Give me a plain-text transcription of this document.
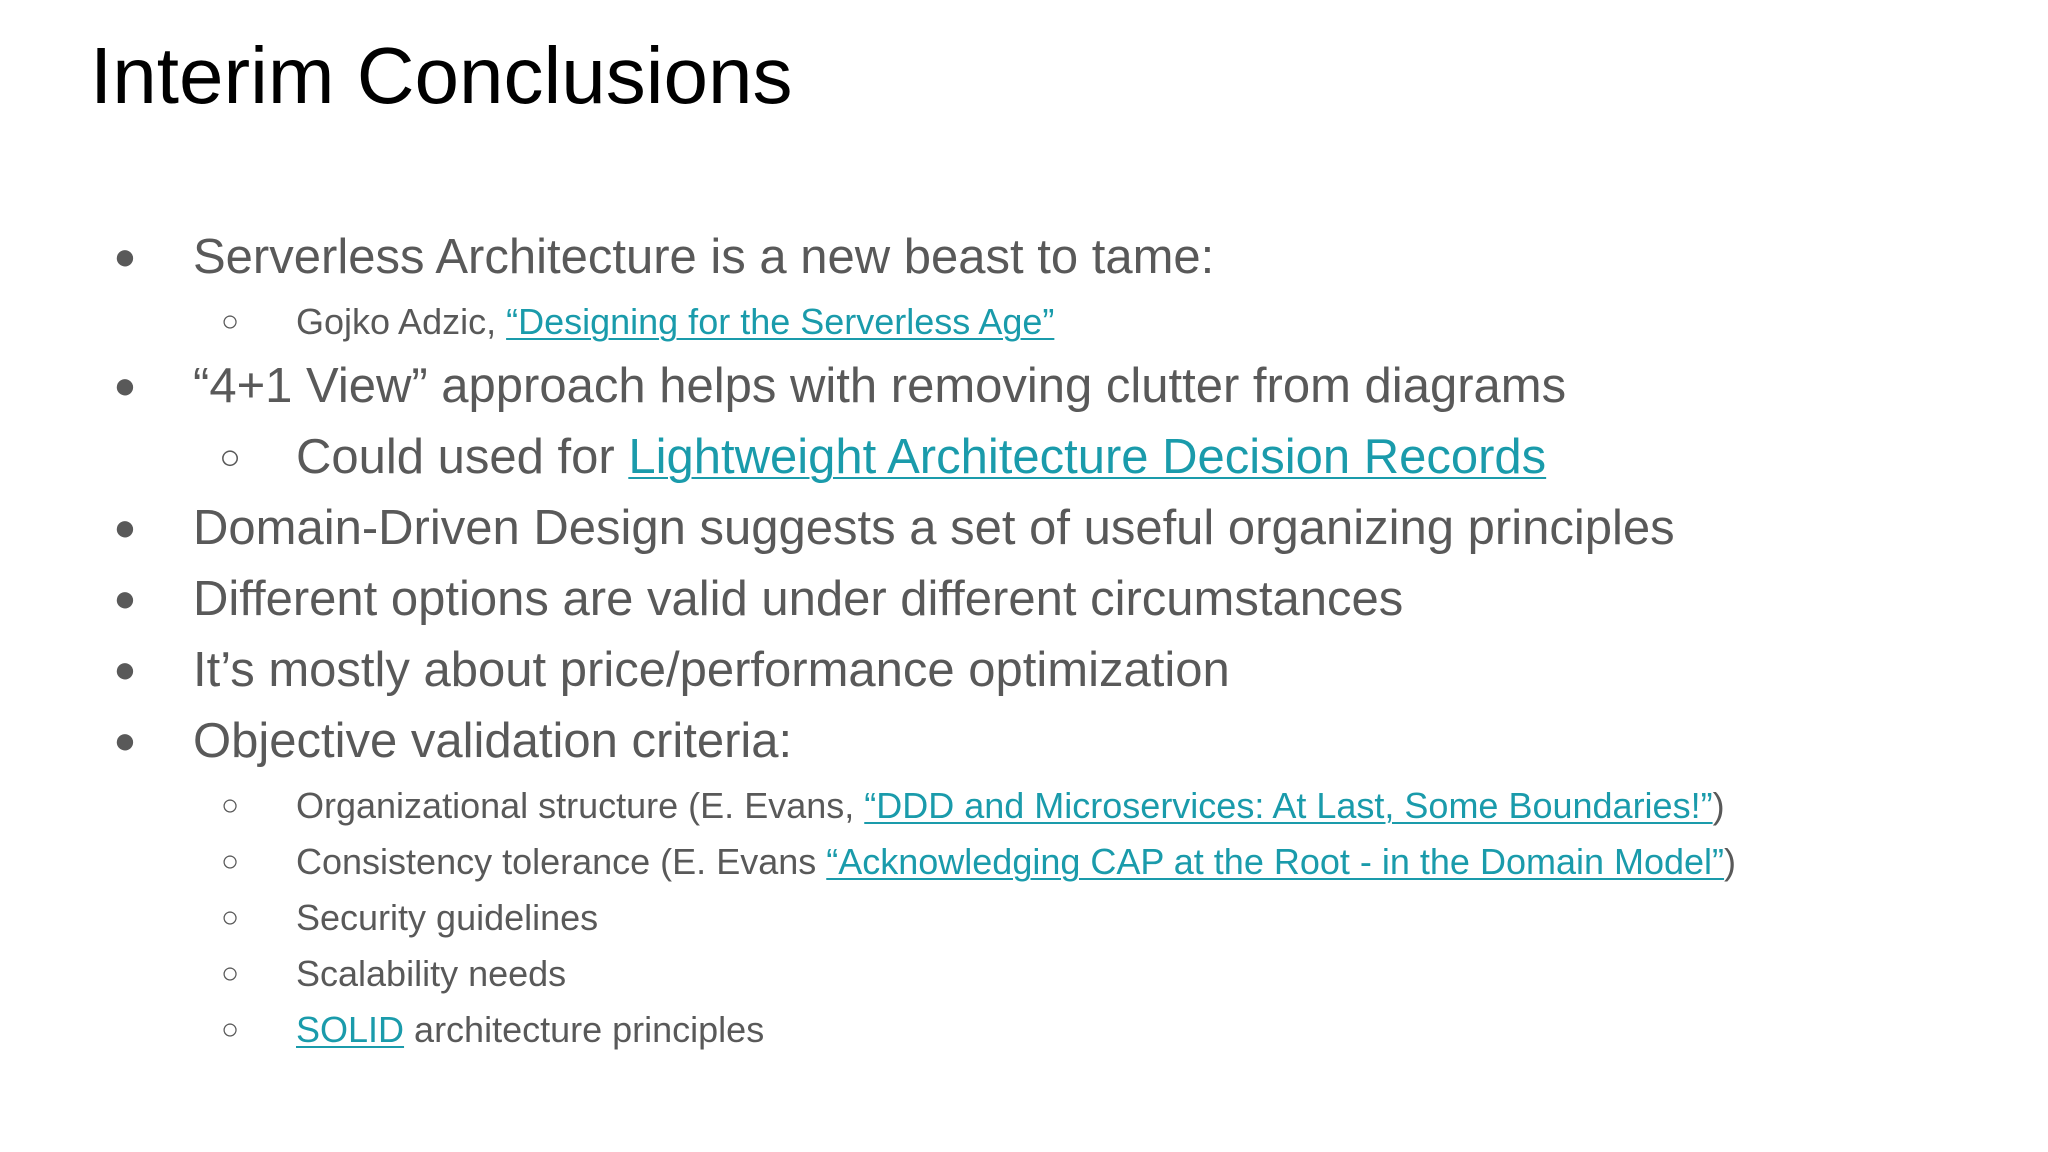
Interim Conclusions
● Serverless Architecture is a new beast to tame:
○	Gojko Adzic, “Designing for the Serverless Age”
● “4+1 View” approach helps with removing clutter from diagrams
○ Could used for Lightweight Architecture Decision Records
● Domain-Driven Design suggests a set of useful organizing principles
● Different options are valid under different circumstances
● It’s mostly about price/performance optimization
● Objective validation criteria:
○	Organizational structure (E. Evans, “DDD and Microservices: At Last, Some Boundaries!”)
○	Consistency tolerance (E. Evans “Acknowledging CAP at the Root - in the Domain Model”)
○	Security guidelines
○	Scalability needs
○	SOLID architecture principles
